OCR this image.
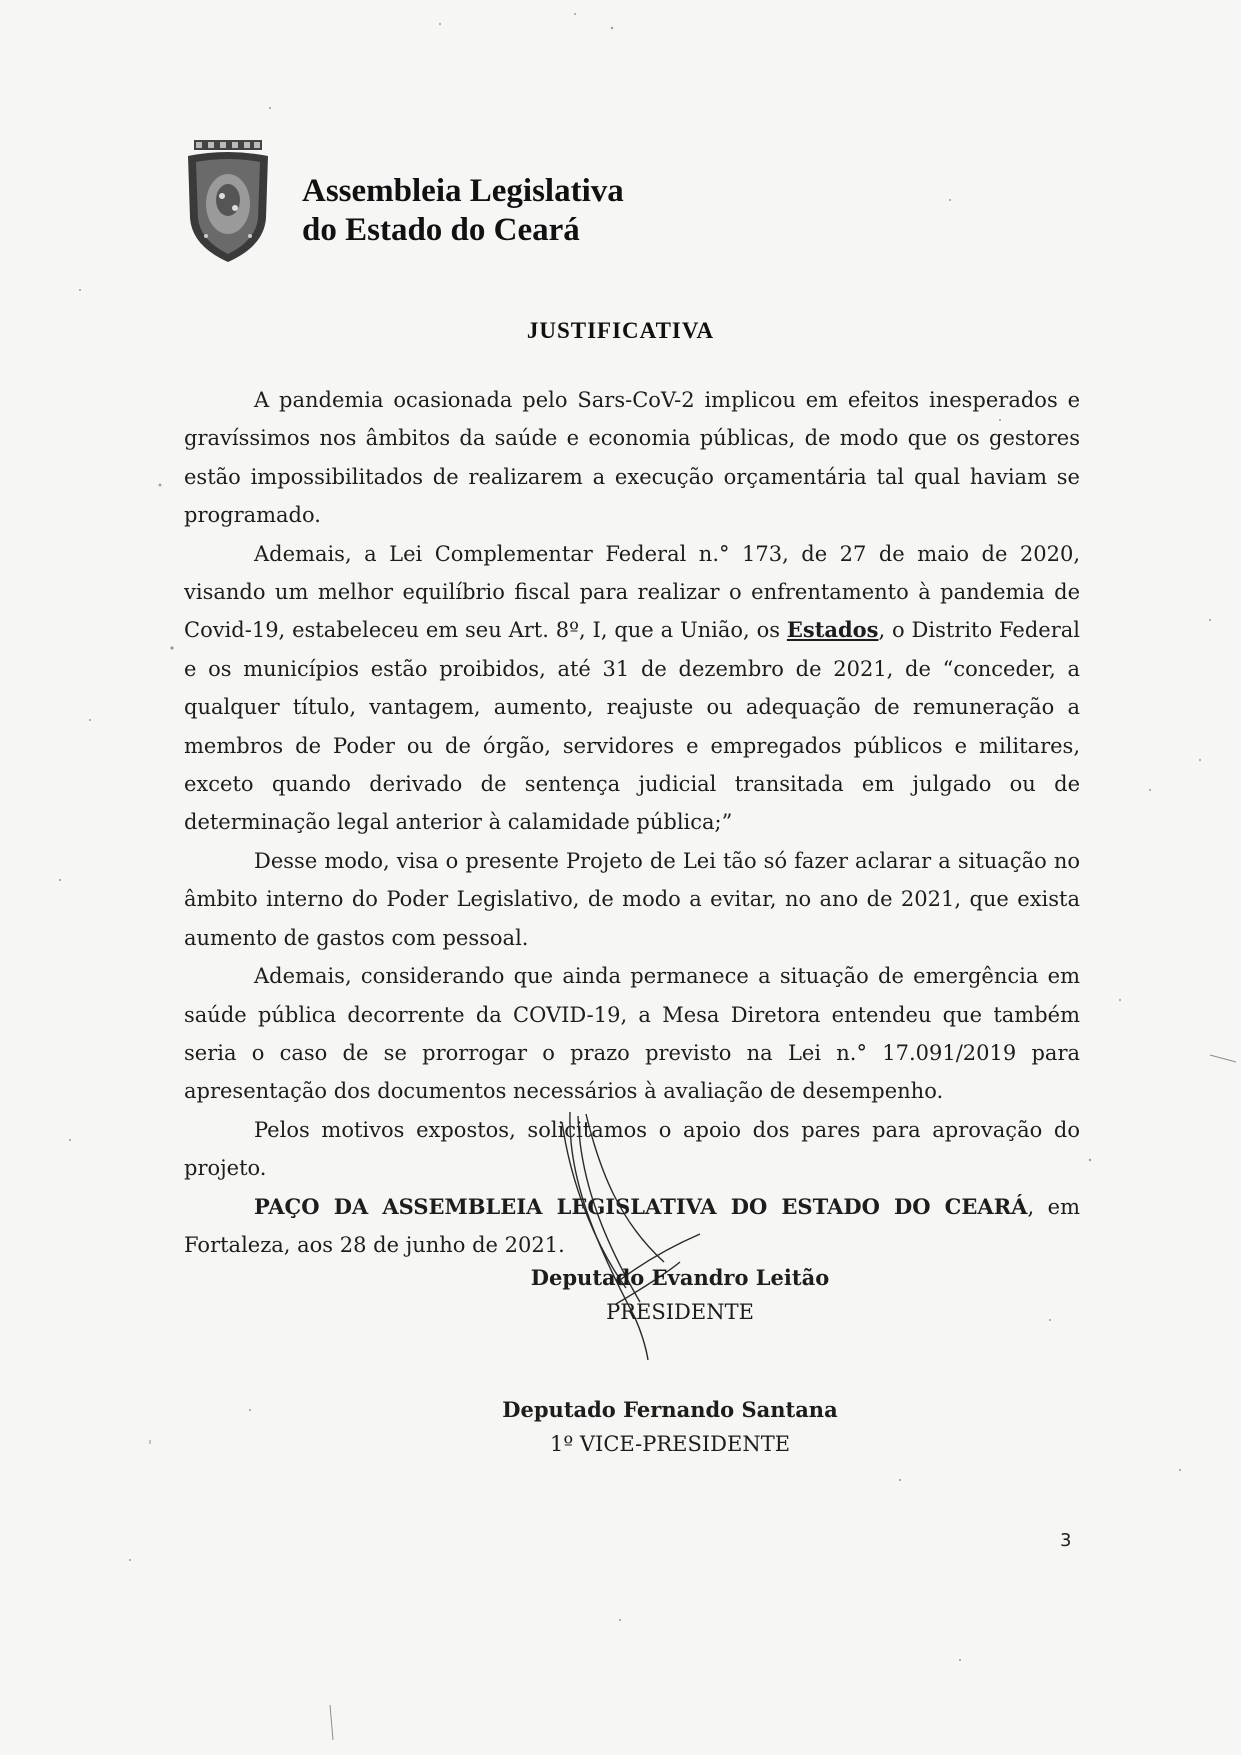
Assembleia Legislativa
do Estado do Ceará
JUSTIFICATIVA

A pandemia ocasionada pelo Sars-CoV-2 implicou em efeitos inesperados e gravíssimos nos âmbitos da saúde e economia públicas, de modo que os gestores estão impossibilitados de realizarem a execução orçamentária tal qual haviam se programado.

Ademais, a Lei Complementar Federal n.° 173, de 27 de maio de 2020, visando um melhor equilíbrio fiscal para realizar o enfrentamento à pandemia de Covid-19, estabeleceu em seu Art. 8º, I, que a União, os Estados, o Distrito Federal e os municípios estão proibidos, até 31 de dezembro de 2021, de “conceder, a qualquer título, vantagem, aumento, reajuste ou adequação de remuneração a membros de Poder ou de órgão, servidores e empregados públicos e militares, exceto quando derivado de sentença judicial transitada em julgado ou de determinação legal anterior à calamidade pública;”

Desse modo, visa o presente Projeto de Lei tão só fazer aclarar a situação no âmbito interno do Poder Legislativo, de modo a evitar, no ano de 2021, que exista aumento de gastos com pessoal.

Ademais, considerando que ainda permanece a situação de emergência em saúde pública decorrente da COVID-19, a Mesa Diretora entendeu que também seria o caso de se prorrogar o prazo previsto na Lei n.° 17.091/2019 para apresentação dos documentos necessários à avaliação de desempenho.

Pelos motivos expostos, solicitamos o apoio dos pares para aprovação do projeto.

PAÇO DA ASSEMBLEIA LEGISLATIVA DO ESTADO DO CEARÁ, em Fortaleza, aos 28 de junho de 2021.

Deputado Evandro Leitão
PRESIDENTE
Deputado Fernando Santana
1º VICE-PRESIDENTE
3
